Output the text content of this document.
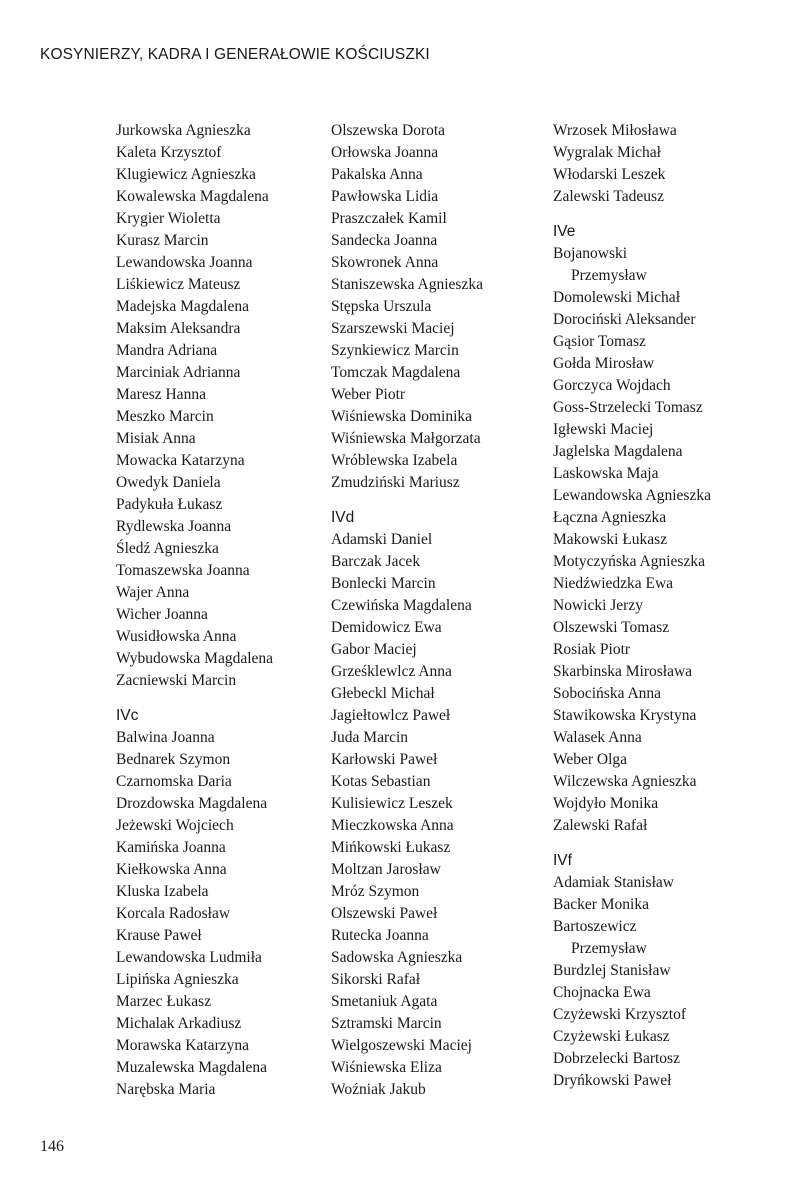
KOSYNIERZY, KADRA I GENERAŁOWIE KOŚCIUSZKI
Jurkowska Agnieszka
Kaleta Krzysztof
Klugiewicz Agnieszka
Kowalewska Magdalena
Krygier Wioletta
Kurasz Marcin
Lewandowska Joanna
Liśkiewicz Mateusz
Madejska Magdalena
Maksim Aleksandra
Mandra Adriana
Marciniak Adrianna
Maresz Hanna
Meszko Marcin
Misiak Anna
Mowacka Katarzyna
Owedyk Daniela
Padykuła Łukasz
Rydlewska Joanna
Śledź Agnieszka
Tomaszewska Joanna
Wajer Anna
Wicher Joanna
Wusidłowska Anna
Wybudowska Magdalena
Zacniewski Marcin
IVc
Balwina Joanna
Bednarek Szymon
Czarnomska Daria
Drozdowska Magdalena
Jeżewski Wojciech
Kamińska Joanna
Kiełkowska Anna
Kluska Izabela
Korcala Radosław
Krause Paweł
Lewandowska Ludmiła
Lipińska Agnieszka
Marzec Łukasz
Michalak Arkadiusz
Morawska Katarzyna
Muzalewska Magdalena
Narębska Maria
Olszewska Dorota
Orłowska Joanna
Pakalska Anna
Pawłowska Lidia
Praszczałek Kamil
Sandecka Joanna
Skowronek Anna
Staniszewska Agnieszka
Stępska Urszula
Szarszewski Maciej
Szynkiewicz Marcin
Tomczak Magdalena
Weber Piotr
Wiśniewska Dominika
Wiśniewska Małgorzata
Wróblewska Izabela
Zmudziński Mariusz
IVd
Adamski Daniel
Barczak Jacek
Bonlecki Marcin
Czewińska Magdalena
Demidowicz Ewa
Gabor Maciej
Grześklewlcz Anna
Głebeckl Michał
Jagiełtowlcz Paweł
Juda Marcin
Karłowski Paweł
Kotas Sebastian
Kulisiewicz Leszek
Mieczkowska Anna
Mińkowski Łukasz
Moltzan Jarosław
Mróz Szymon
Olszewski Paweł
Rutecka Joanna
Sadowska Agnieszka
Sikorski Rafał
Smetaniuk Agata
Sztramski Marcin
Wielgoszewski Maciej
Wiśniewska Eliza
Woźniak Jakub
Wrzosek Miłosława
Wygralak Michał
Włodarski Leszek
Zalewski Tadeusz
IVe
Bojanowski
Przemysław
Domolewski Michał
Dorociński Aleksander
Gąsior Tomasz
Gołda Mirosław
Gorczyca Wojdach
Goss-Strzelecki Tomasz
Igłewski Maciej
Jaglelska Magdalena
Laskowska Maja
Lewandowska Agnieszka
Łączna Agnieszka
Makowski Łukasz
Motyczyńska Agnieszka
Niedźwiedzka Ewa
Nowicki Jerzy
Olszewski Tomasz
Rosiak Piotr
Skarbinska Mirosława
Sobocińska Anna
Stawikowska Krystyna
Walasek Anna
Weber Olga
Wilczewska Agnieszka
Wojdyło Monika
Zalewski Rafał
IVf
Adamiak Stanisław
Backer Monika
Bartoszewicz
Przemysław
Burdzlej Stanisław
Chojnacka Ewa
Czyżewski Krzysztof
Czyżewski Łukasz
Dobrzelecki Bartosz
Dryńkowski Paweł
146
